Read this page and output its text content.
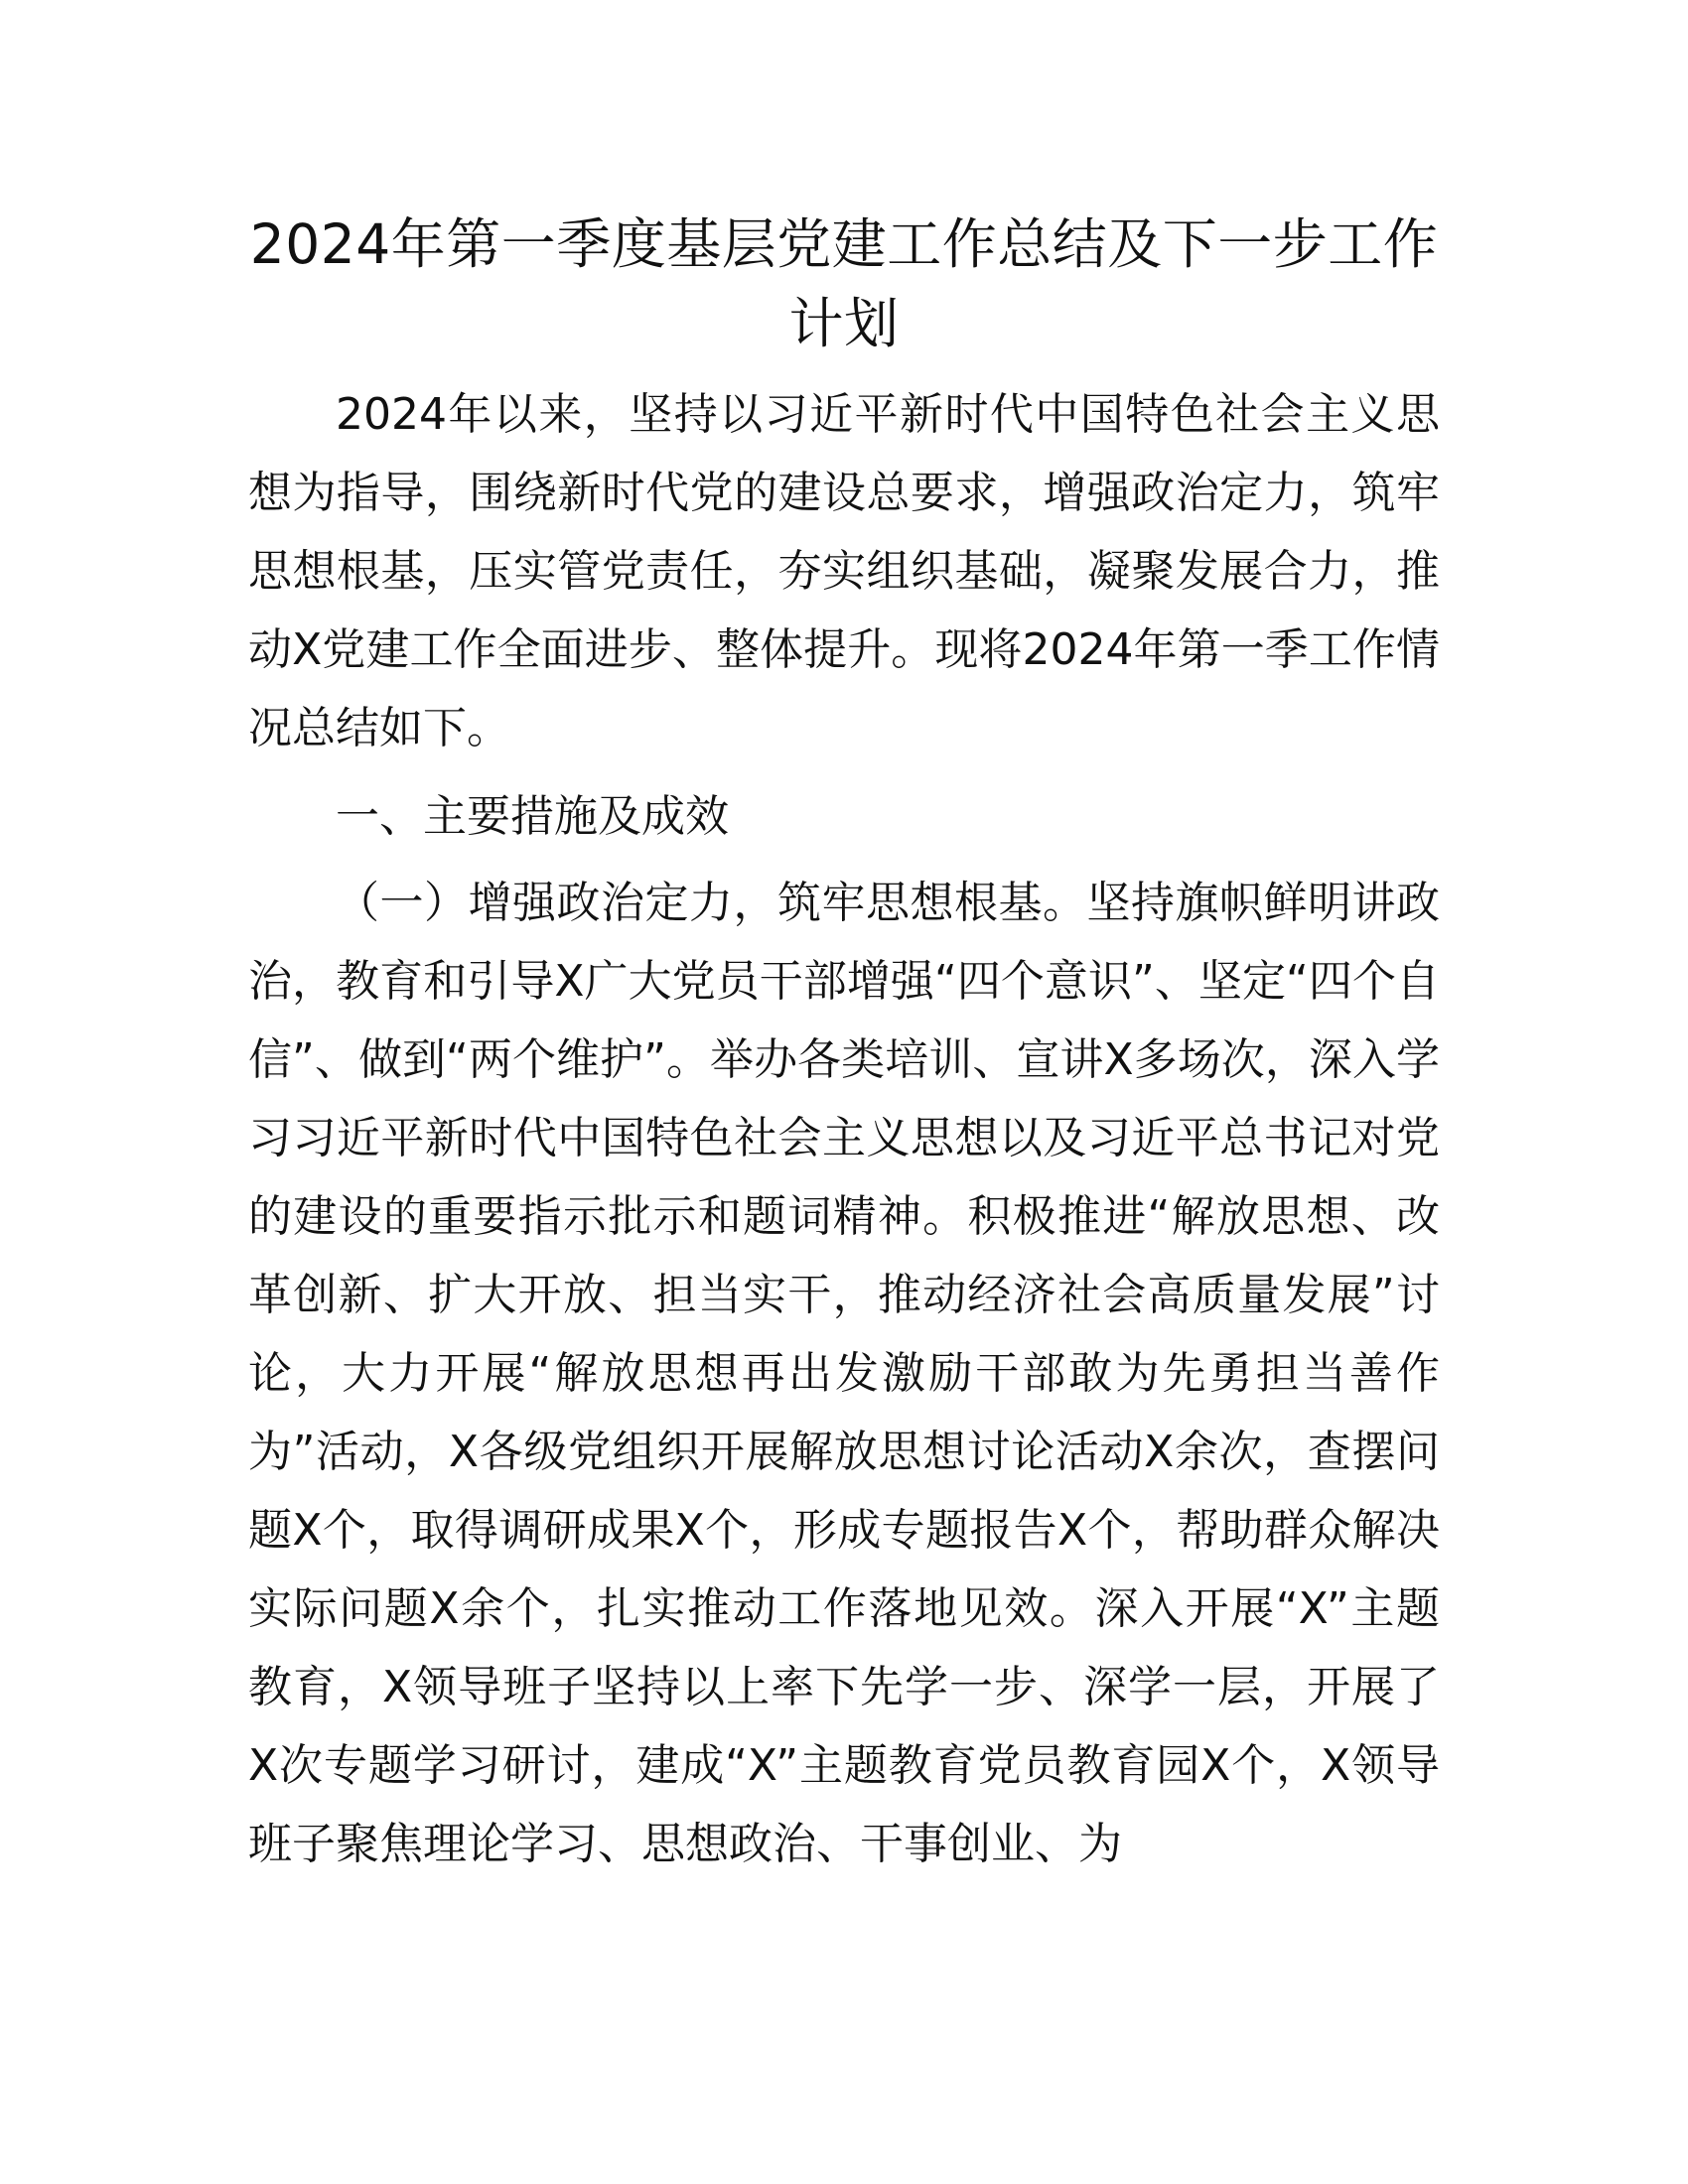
2024年第一季度基层党建工作总结及下一步工作计划

2024年以来，坚持以习近平新时代中国特色社会主义思想为指导，围绕新时代党的建设总要求，增强政治定力，筑牢思想根基，压实管党责任，夯实组织基础，凝聚发展合力，推动X党建工作全面进步、整体提升。现将2024年第一季工作情况总结如下。

一、主要措施及成效

（一）增强政治定力，筑牢思想根基。坚持旗帜鲜明讲政治，教育和引导X广大党员干部增强“四个意识”、坚定“四个自信”、做到“两个维护”。举办各类培训、宣讲X多场次，深入学习习近平新时代中国特色社会主义思想以及习近平总书记对党的建设的重要指示批示和题词精神。积极推进“解放思想、改革创新、扩大开放、担当实干，推动经济社会高质量发展”讨论，大力开展“解放思想再出发激励干部敢为先勇担当善作为”活动，X各级党组织开展解放思想讨论活动X余次，查摆问题X个，取得调研成果X个，形成专题报告X个，帮助群众解决实际问题X余个，扎实推动工作落地见效。深入开展“X”主题教育，X领导班子坚持以上率下先学一步、深学一层，开展了X次专题学习研讨，建成“X”主题教育党员教育园X个，X领导班子聚焦理论学习、思想政治、干事创业、为
